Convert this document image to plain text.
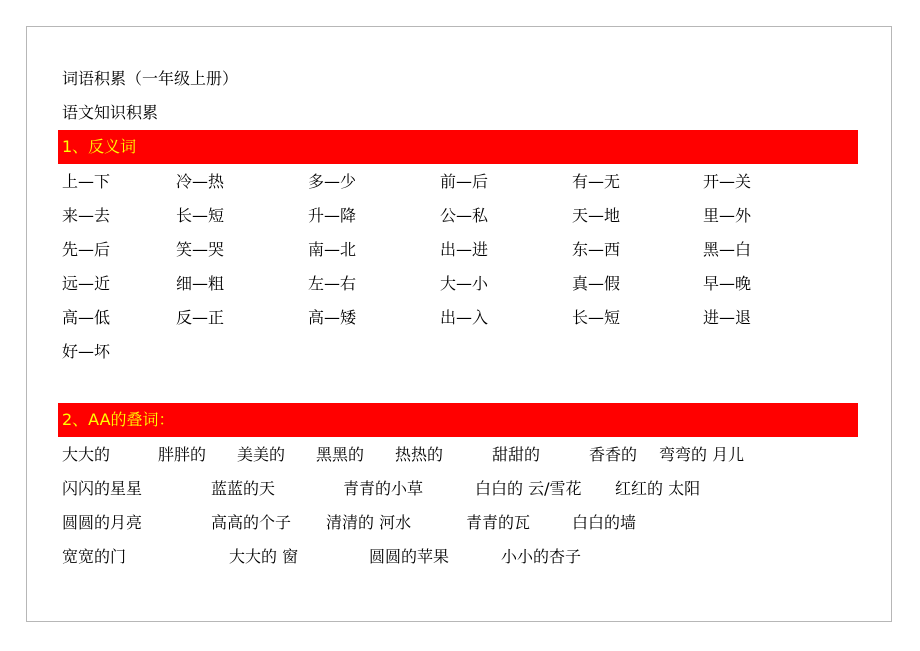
词语积累（一年级上册）
语文知识积累
1、反义词
上—下	冷—热	多—少	前—后	有—无	开—关
来—去	长—短	升—降	公—私	天—地	里—外
先—后	笑—哭	南—北	出—进	东—西	黑—白
远—近	细—粗	左—右	大—小	真—假	早—晚
高—低	反—正	高—矮	出—入	长—短	进—退
好—坏
2、AA的叠词：
大大的	胖胖的 美美的 黑黑的 热热的	甜甜的	香香的 弯弯的 月儿
闪闪的星星	蓝蓝的天	青青的小草	白白的 云/雪花 红红的 太阳
圆圆的月亮	高高的个子 清清的 河水	青青的瓦	白白的墙
宽宽的门	大大的 窗	圆圆的苹果	小小的杏子
